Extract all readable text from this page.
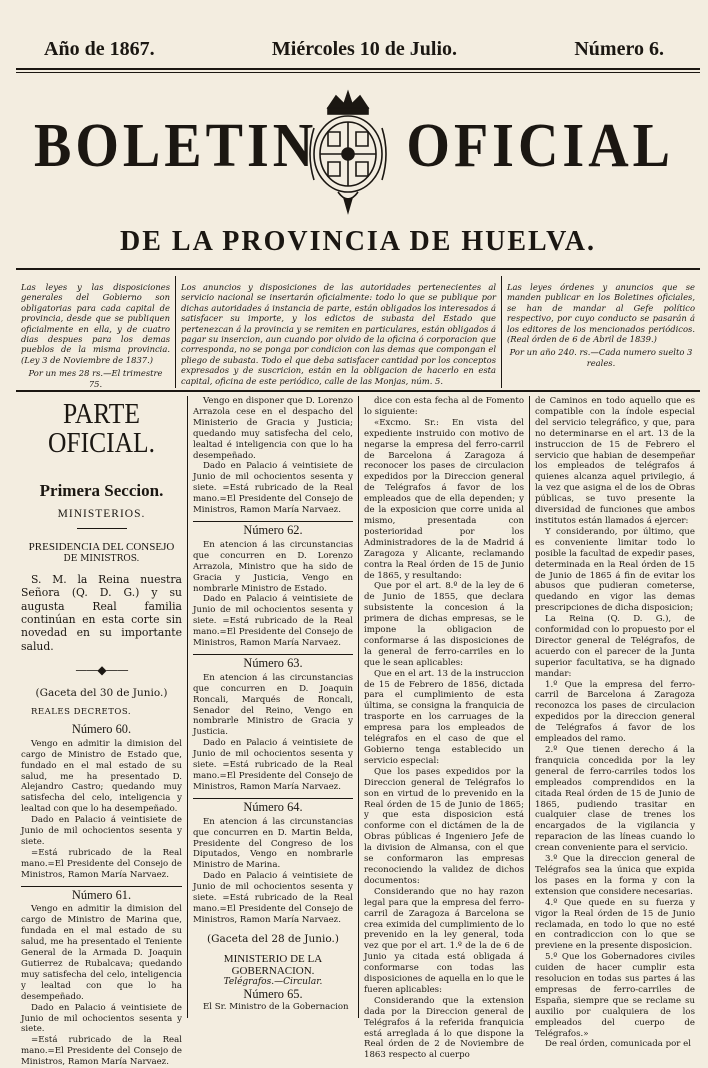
Año de 1867.	Miércoles 10 de Julio.	Número 6.
BOLETIN OFICIAL
DE LA PROVINCIA DE HUELVA.
Las leyes y las disposiciones generales del Gobierno son obligatorias para cada capital de provincia, desde que se publiquen oficialmente en ella, y de cuatro dias despues para los demas pueblos de la misma provincia. (Ley 3 de Noviembre de 1837.)
Por un mes 28 rs.—El trimestre 75.
Los anuncios y disposiciones de las autoridades pertenecientes al servicio nacional se insertarán oficialmente: todo lo que se publique por dichas autoridades á instancia de parte, están obligados los interesados á satisfacer su importe, y los edictos de subasta del Estado que pertenezcan á la provincia y se remiten en particulares, están obligados á pagar su insercion, aun cuando por olvido de la oficina ó corporacion que corresponda, no se ponga por condicion con las demas que compongan el pliego de subasta. Todo el que deba satisfacer cantidad por los conceptos expresados y de suscricion, están en la obligacion de hacerlo en esta capital, oficina de este periódico, calle de las Monjas, núm. 5.
Las leyes órdenes y anuncios que se manden publicar en los Boletines oficiales, se han de mandar al Gefe político respectivo, por cuyo conducto se pasarán á los editores de los mencionados periódicos. (Real órden de 6 de Abril de 1839.)
Por un año 240. rs.—Cada numero suelto 3 reales.
PARTE OFICIAL.
Primera Seccion.
MINISTERIOS.
PRESIDENCIA DEL CONSEJO
DE MINISTROS.

S. M. la Reina nuestra Señora (Q. D. G.) y su augusta Real familia continúan en esta corte sin novedad en su importante salud.

——◆——
(Gaceta del 30 de Junio.)
REALES DECRETOS.
Número 60.

Vengo en admitir la dimision del cargo de Ministro de Estado que, fundado en el mal estado de su salud, me ha presentado D. Alejandro Castro; quedando muy satisfecha del celo, inteligencia y lealtad con que lo ha desempeñado.

Dado en Palacio á veintisiete de Junio de mil ochocientos sesenta y siete.

=Está rubricado de la Real mano.=El Presidente del Consejo de Ministros, Ramon María Narvaez.

Número 61.

Vengo en admitir la dimision del cargo de Ministro de Marina que, fundada en el mal estado de su salud, me ha presentado el Teniente General de la Armada D. Joaquin Gutierrez de Rubalcava; quedando muy satisfecha del celo, inteligencia y lealtad con que lo ha desempeñado.

Dado en Palacio á veintisiete de Junio de mil ochocientos sesenta y siete.

=Está rubricado de la Real mano.=El Presidente del Consejo de Ministros, Ramon María Narvaez.

Vengo en disponer que D. Lorenzo Arrazola cese en el despacho del Ministerio de Gracia y Justicia; quedando muy satisfecha del celo, lealtad é inteligencia con que lo ha desempeñado.

Dado en Palacio á veintisiete de Junio de mil ochocientos sesenta y siete. =Está rubricado de la Real mano.=El Presidente del Consejo de Ministros, Ramon María Narvaez.

Número 62.

En atencion á las circunstancias que concurren en D. Lorenzo Arrazola, Ministro que ha sido de Gracia y Justicia, Vengo en nombrarle Ministro de Estado.

Dado en Palacio á veintisiete de Junio de mil ochocientos sesenta y siete. =Está rubricado de la Real mano.=El Presidente del Consejo de Ministros, Ramon María Narvaez.

Número 63.

En atencion á las circunstancias que concurren en D. Joaquin Roncali, Marqués de Roncali, Senador del Reino, Vengo en nombrarle Ministro de Gracia y Justicia.

Dado en Palacio á veintisiete de Junio de mil ochocientos sesenta y siete. =Está rubricado de la Real mano.=El Presidente del Consejo de Ministros, Ramon María Narvaez.

Número 64.

En atencion á las circunstancias que concurren en D. Martin Belda, Presidente del Congreso de los Diputados, Vengo en nombrarle Ministro de Marina.

Dado en Palacio á veintisiete de Junio de mil ochocientos sesenta y siete. =Está rubricado de la Real mano.=El Presidente del Consejo de Ministros, Ramon María Narvaez.

(Gaceta del 28 de Junio.)
MINISTERIO DE LA GOBERNACION.
Telégrafos.—Circular.
Número 65.

El Sr. Ministro de la Gobernacion

dice con esta fecha al de Fomento lo siguiente:

«Excmo. Sr.: En vista del expediente instruido con motivo de negarse la empresa del ferro-carril de Barcelona á Zaragoza á reconocer los pases de circulacion expedidos por la Direccion general de Telégrafos á favor de los empleados que de ella dependen; y de la exposicion que corre unida al mismo, presentada con posterioridad por los Administradores de la de Madrid á Zaragoza y Alicante, reclamando contra la Real órden de 15 de Junio de 1865, y resultando:

Que por el art. 8.º de la ley de 6 de Junio de 1855, que declara subsistente la concesion á la primera de dichas empresas, se le impone la obligacion de conformarse á las disposiciones de la general de ferro-carriles en lo que le sean aplicables:

Que en el art. 13 de la instruccion de 15 de Febrero de 1856, dictada para el cumplimiento de esta última, se consigna la franquicia de trasporte en los carruages de la empresa para los empleados de telégrafos en el caso de que el Gobierno tenga establecido un servicio especial:

Que los pases expedidos por la Direccion general de Telégrafos lo son en virtud de lo prevenido en la Real órden de 15 de Junio de 1865; y que esta disposicion está conforme con el dictámen de la de Obras públicas é Ingeniero Jefe de la division de Almansa, con el que se conformaron las empresas reconociendo la validez de dichos documentos:

Considerando que no hay razon legal para que la empresa del ferro-carril de Zaragoza á Barcelona se crea eximida del cumplimiento de lo prevenido en la ley general, toda vez que por el art. 1.º de la de 6 de Junio ya citada está obligada á conformarse con todas las disposiciones de aquella en lo que le fueren aplicables:

Considerando que la extension dada por la Direccion general de Telégrafos á la referida franquicia está arreglada á lo que dispone la Real órden de 2 de Noviembre de 1863 respecto al cuerpo

de Caminos en todo aquello que es compatible con la índole especial del servicio telegráfico, y que, para no determinarse en el art. 13 de la instruccion de 15 de Febrero el servicio que habian de desempeñar los empleados de telégrafos á quienes alcanza aquel privilegio, á la vez que asigna el de los de Obras públicas, se tuvo presente la diversidad de funciones que ambos institutos están llamados á ejercer:

Y considerando, por último, que es conveniente limitar todo lo posible la facultad de expedir pases, determinada en la Real órden de 15 de Junio de 1865 á fin de evitar los abusos que pudieran cometerse, quedando en vigor las demas prescripciones de dicha disposicion;

La Reina (Q. D. G.), de conformidad con lo propuesto por el Director general de Telégrafos, de acuerdo con el parecer de la Junta superior facultativa, se ha dignado mandar:

1.º Que la empresa del ferro-carril de Barcelona á Zaragoza reconozca los pases de circulacion expedidos por la direccion general de Telégrafos á favor de los empleados del ramo.

2.º Que tienen derecho á la franquicia concedida por la ley general de ferro-carriles todos los empleados comprendidos en la citada Real órden de 15 de Junio de 1865, pudiendo trasitar en cualquier clase de trenes los encargados de la vigilancia y reparacion de las líneas cuando lo crean conveniente para el servicio.

3.º Que la direccion general de Telégrafos sea la única que expida los pases en la forma y con la extension que considere necesarias.

4.º Que quede en su fuerza y vigor la Real órden de 15 de Junio reclamada, en todo lo que no esté en contradiccion con lo que se previene en la presente disposicion.

5.º Que los Gobernadores civiles cuiden de hacer cumplir esta resolucion en todas sus partes á las empresas de ferro-carriles de España, siempre que se reclame su auxilio por cualquiera de los empleados del cuerpo de Telégrafos.»

De real órden, comunicada por el
